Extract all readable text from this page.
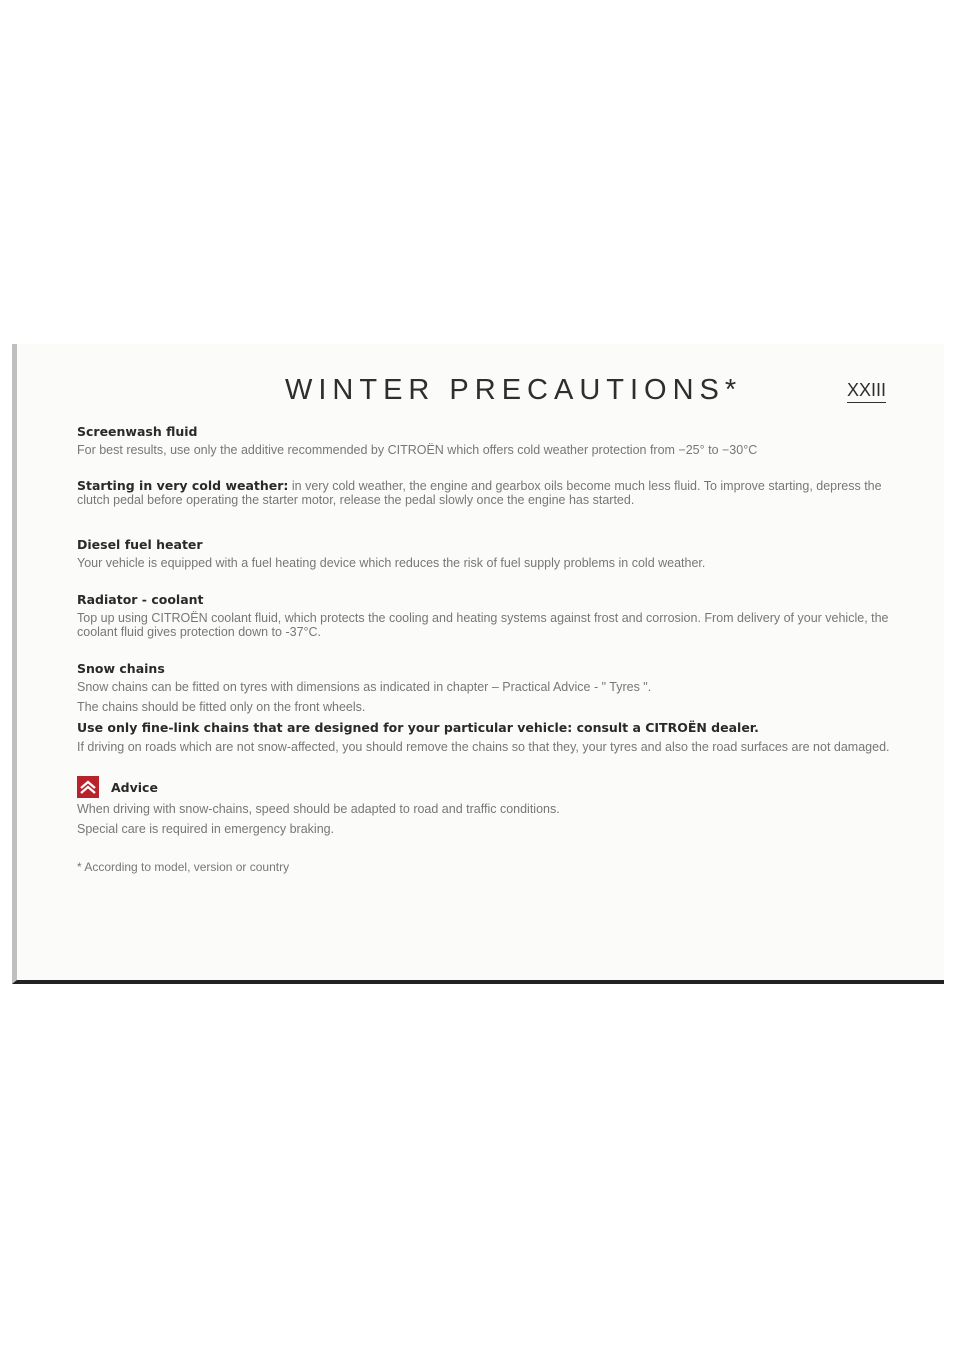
WINTER PRECAUTIONS*	XXIII

Screenwash fluid

For best results, use only the additive recommended by CITROËN which offers cold weather protection from −25° to −30°C

Starting in very cold weather: in very cold weather, the engine and gearbox oils become much less fluid. To improve starting, depress the clutch pedal before operating the starter motor, release the pedal slowly once the engine has started.

Diesel fuel heater

Your vehicle is equipped with a fuel heating device which reduces the risk of fuel supply problems in cold weather.

Radiator - coolant

Top up using CITROËN coolant fluid, which protects the cooling and heating systems against frost and corrosion. From delivery of your vehicle, the coolant fluid gives protection down to -37°C.

Snow chains

Snow chains can be fitted on tyres with dimensions as indicated in chapter – Practical Advice - " Tyres ".

The chains should be fitted only on the front wheels.

Use only fine-link chains that are designed for your particular vehicle: consult a CITROËN dealer.

If driving on roads which are not snow-affected, you should remove the chains so that they, your tyres and also the road surfaces are not damaged.

Advice

When driving with snow-chains, speed should be adapted to road and traffic conditions.

Special care is required in emergency braking.

* According to model, version or country
